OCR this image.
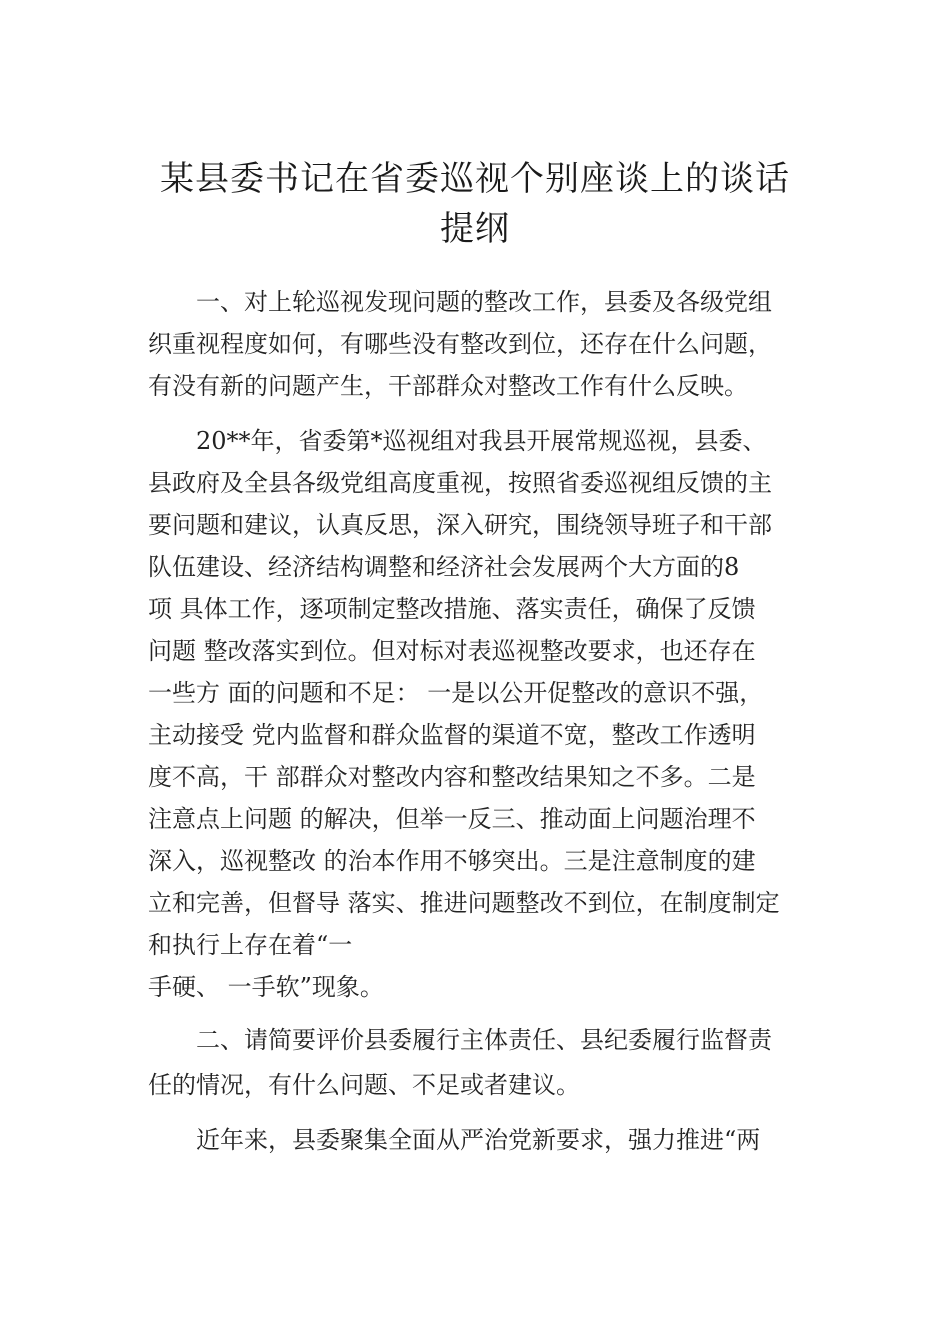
某县委书记在省委巡视个别座谈上的谈话
提纲
一、对上轮巡视发现问题的整改工作，县委及各级党组
织重视程度如何，有哪些没有整改到位，还存在什么问题，
有没有新的问题产生，干部群众对整改工作有什么反映。
20**年，省委第*巡视组对我县开展常规巡视，县委、
县政府及全县各级党组高度重视，按照省委巡视组反馈的主
要问题和建议，认真反思，深入研究，围绕领导班子和干部
队伍建设、经济结构调整和经济社会发展两个大方面的8
项 具体工作，逐项制定整改措施、落实责任，确保了反馈
问题 整改落实到位。但对标对表巡视整改要求，也还存在
一些方 面的问题和不足： 一是以公开促整改的意识不强，
主动接受 党内监督和群众监督的渠道不宽，整改工作透明
度不高，干 部群众对整改内容和整改结果知之不多。二是
注意点上问题 的解决，但举一反三、推动面上问题治理不
深入，巡视整改 的治本作用不够突出。三是注意制度的建
立和完善，但督导 落实、推进问题整改不到位，在制度制定
和执行上存在着“一
手硬、 一手软”现象。
二、请简要评价县委履行主体责任、县纪委履行监督责
任的情况，有什么问题、不足或者建议。
近年来，县委聚集全面从严治党新要求，强力推进“两
